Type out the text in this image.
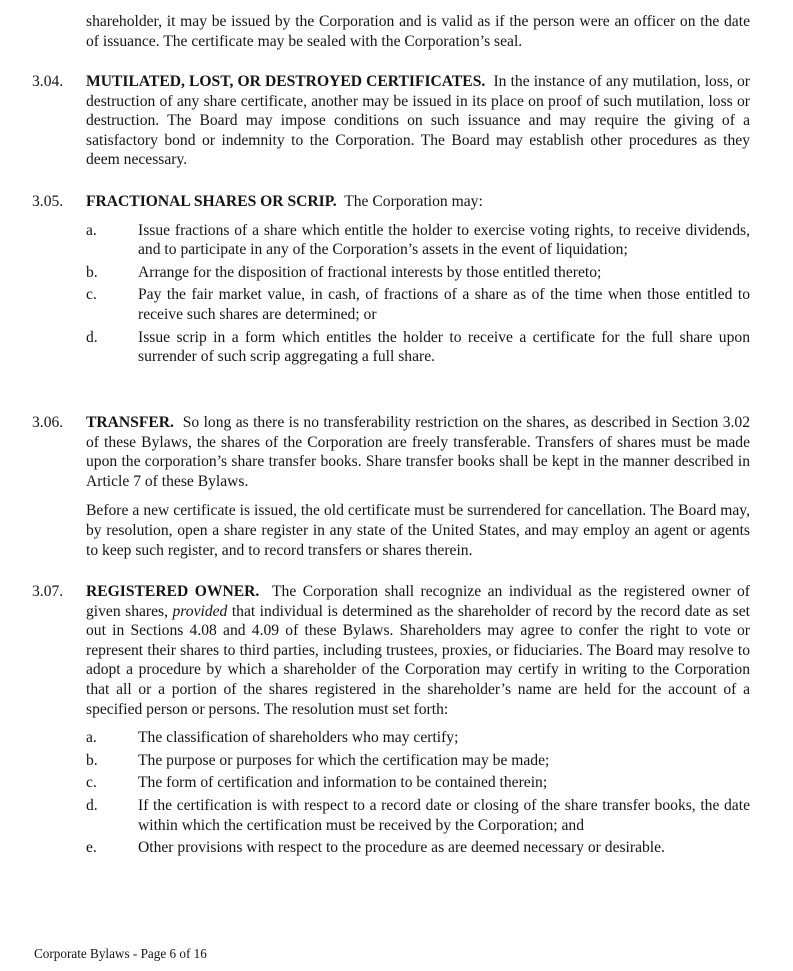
shareholder, it may be issued by the Corporation and is valid as if the person were an officer on the date of issuance. The certificate may be sealed with the Corporation’s seal.

3.04.	MUTILATED, LOST, OR DESTROYED CERTIFICATES. In the instance of any mutilation, loss, or destruction of any share certificate, another may be issued in its place on proof of such mutilation, loss or destruction. The Board may impose conditions on such issuance and may require the giving of a satisfactory bond or indemnity to the Corporation. The Board may establish other procedures as they deem necessary.

3.05.	FRACTIONAL SHARES OR SCRIP. The Corporation may:

a.	Issue fractions of a share which entitle the holder to exercise voting rights, to receive dividends, and to participate in any of the Corporation’s assets in the event of liquidation;
b.	Arrange for the disposition of fractional interests by those entitled thereto;
c.	Pay the fair market value, in cash, of fractions of a share as of the time when those entitled to receive such shares are determined; or
d.	Issue scrip in a form which entitles the holder to receive a certificate for the full share upon surrender of such scrip aggregating a full share.
3.06.	TRANSFER. So long as there is no transferability restriction on the shares, as described in Section 3.02 of these Bylaws, the shares of the Corporation are freely transferable. Transfers of shares must be made upon the corporation’s share transfer books. Share transfer books shall be kept in the manner described in Article 7 of these Bylaws.

Before a new certificate is issued, the old certificate must be surrendered for cancellation. The Board may, by resolution, open a share register in any state of the United States, and may employ an agent or agents to keep such register, and to record transfers or shares therein.

3.07.	REGISTERED OWNER. The Corporation shall recognize an individual as the registered owner of given shares, provided that individual is determined as the shareholder of record by the record date as set out in Sections 4.08 and 4.09 of these Bylaws. Shareholders may agree to confer the right to vote or represent their shares to third parties, including trustees, proxies, or fiduciaries. The Board may resolve to adopt a procedure by which a shareholder of the Corporation may certify in writing to the Corporation that all or a portion of the shares registered in the shareholder’s name are held for the account of a specified person or persons. The resolution must set forth:

a.	The classification of shareholders who may certify;
b.	The purpose or purposes for which the certification may be made;
c.	The form of certification and information to be contained therein;
d.	If the certification is with respect to a record date or closing of the share transfer books, the date within which the certification must be received by the Corporation; and
e.	Other provisions with respect to the procedure as are deemed necessary or desirable.
Corporate Bylaws - Page 6 of 16
